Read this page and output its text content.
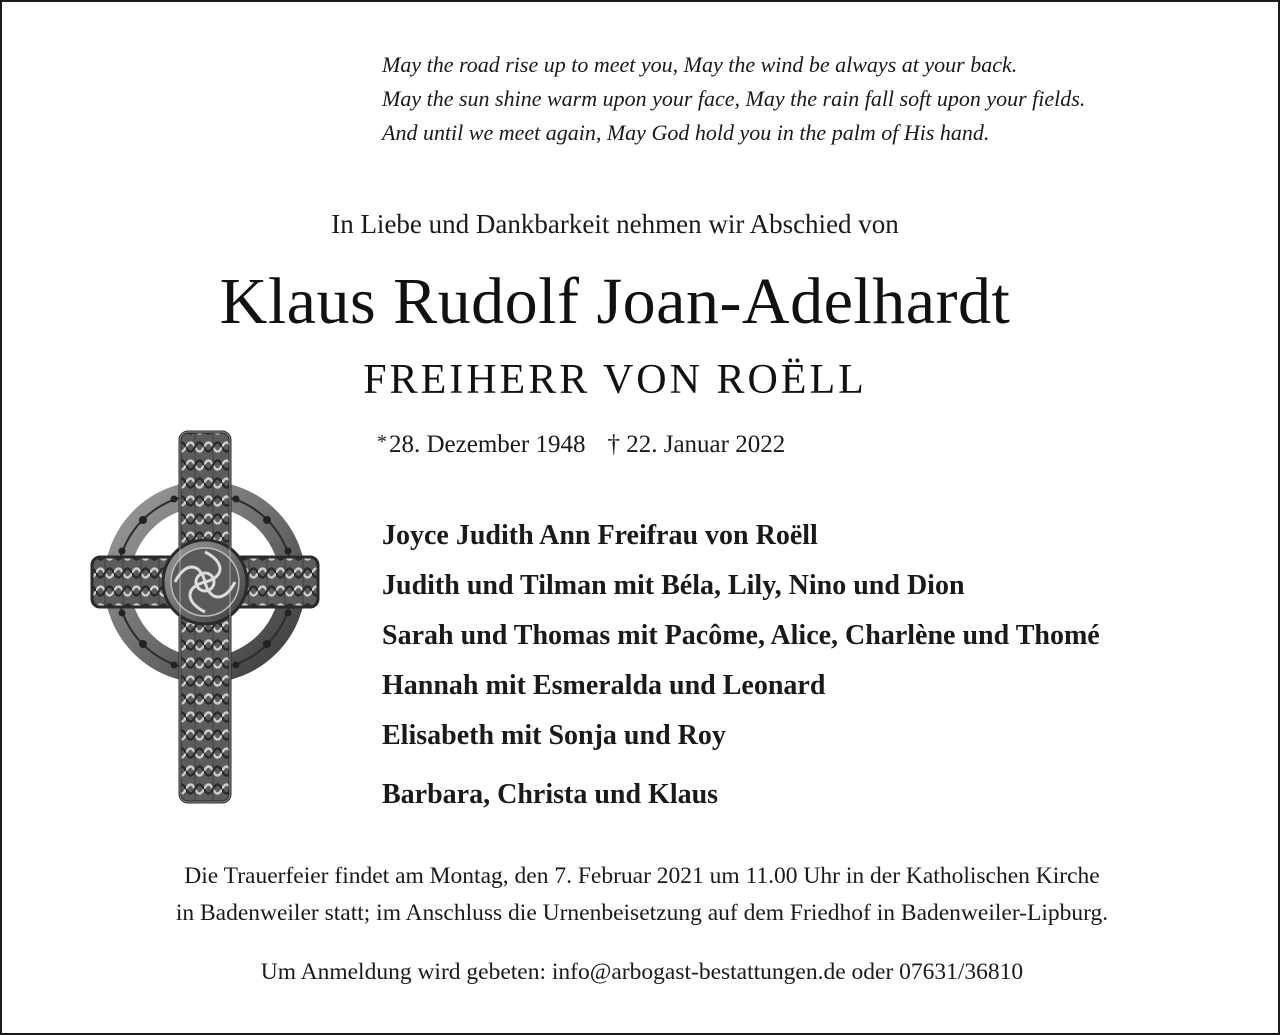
May the road rise up to meet you, May the wind be always at your back.
May the sun shine warm upon your face, May the rain fall soft upon your fields.
And until we meet again, May God hold you in the palm of His hand.
In Liebe und Dankbarkeit nehmen wir Abschied von
Klaus Rudolf Joan-Adelhardt
FREIHERR VON ROËLL
*28. Dezember 1948 † 22. Januar 2022
Joyce Judith Ann Freifrau von Roëll
Judith und Tilman mit Béla, Lily, Nino und Dion
Sarah und Thomas mit Pacôme, Alice, Charlène und Thomé
Hannah mit Esmeralda und Leonard
Elisabeth mit Sonja und Roy
Barbara, Christa und Klaus
Die Trauerfeier findet am Montag, den 7. Februar 2021 um 11.00 Uhr in der Katholischen Kirche
in Badenweiler statt; im Anschluss die Urnenbeisetzung auf dem Friedhof in Badenweiler-Lipburg.
Um Anmeldung wird gebeten: info@arbogast-bestattungen.de oder 07631/36810
